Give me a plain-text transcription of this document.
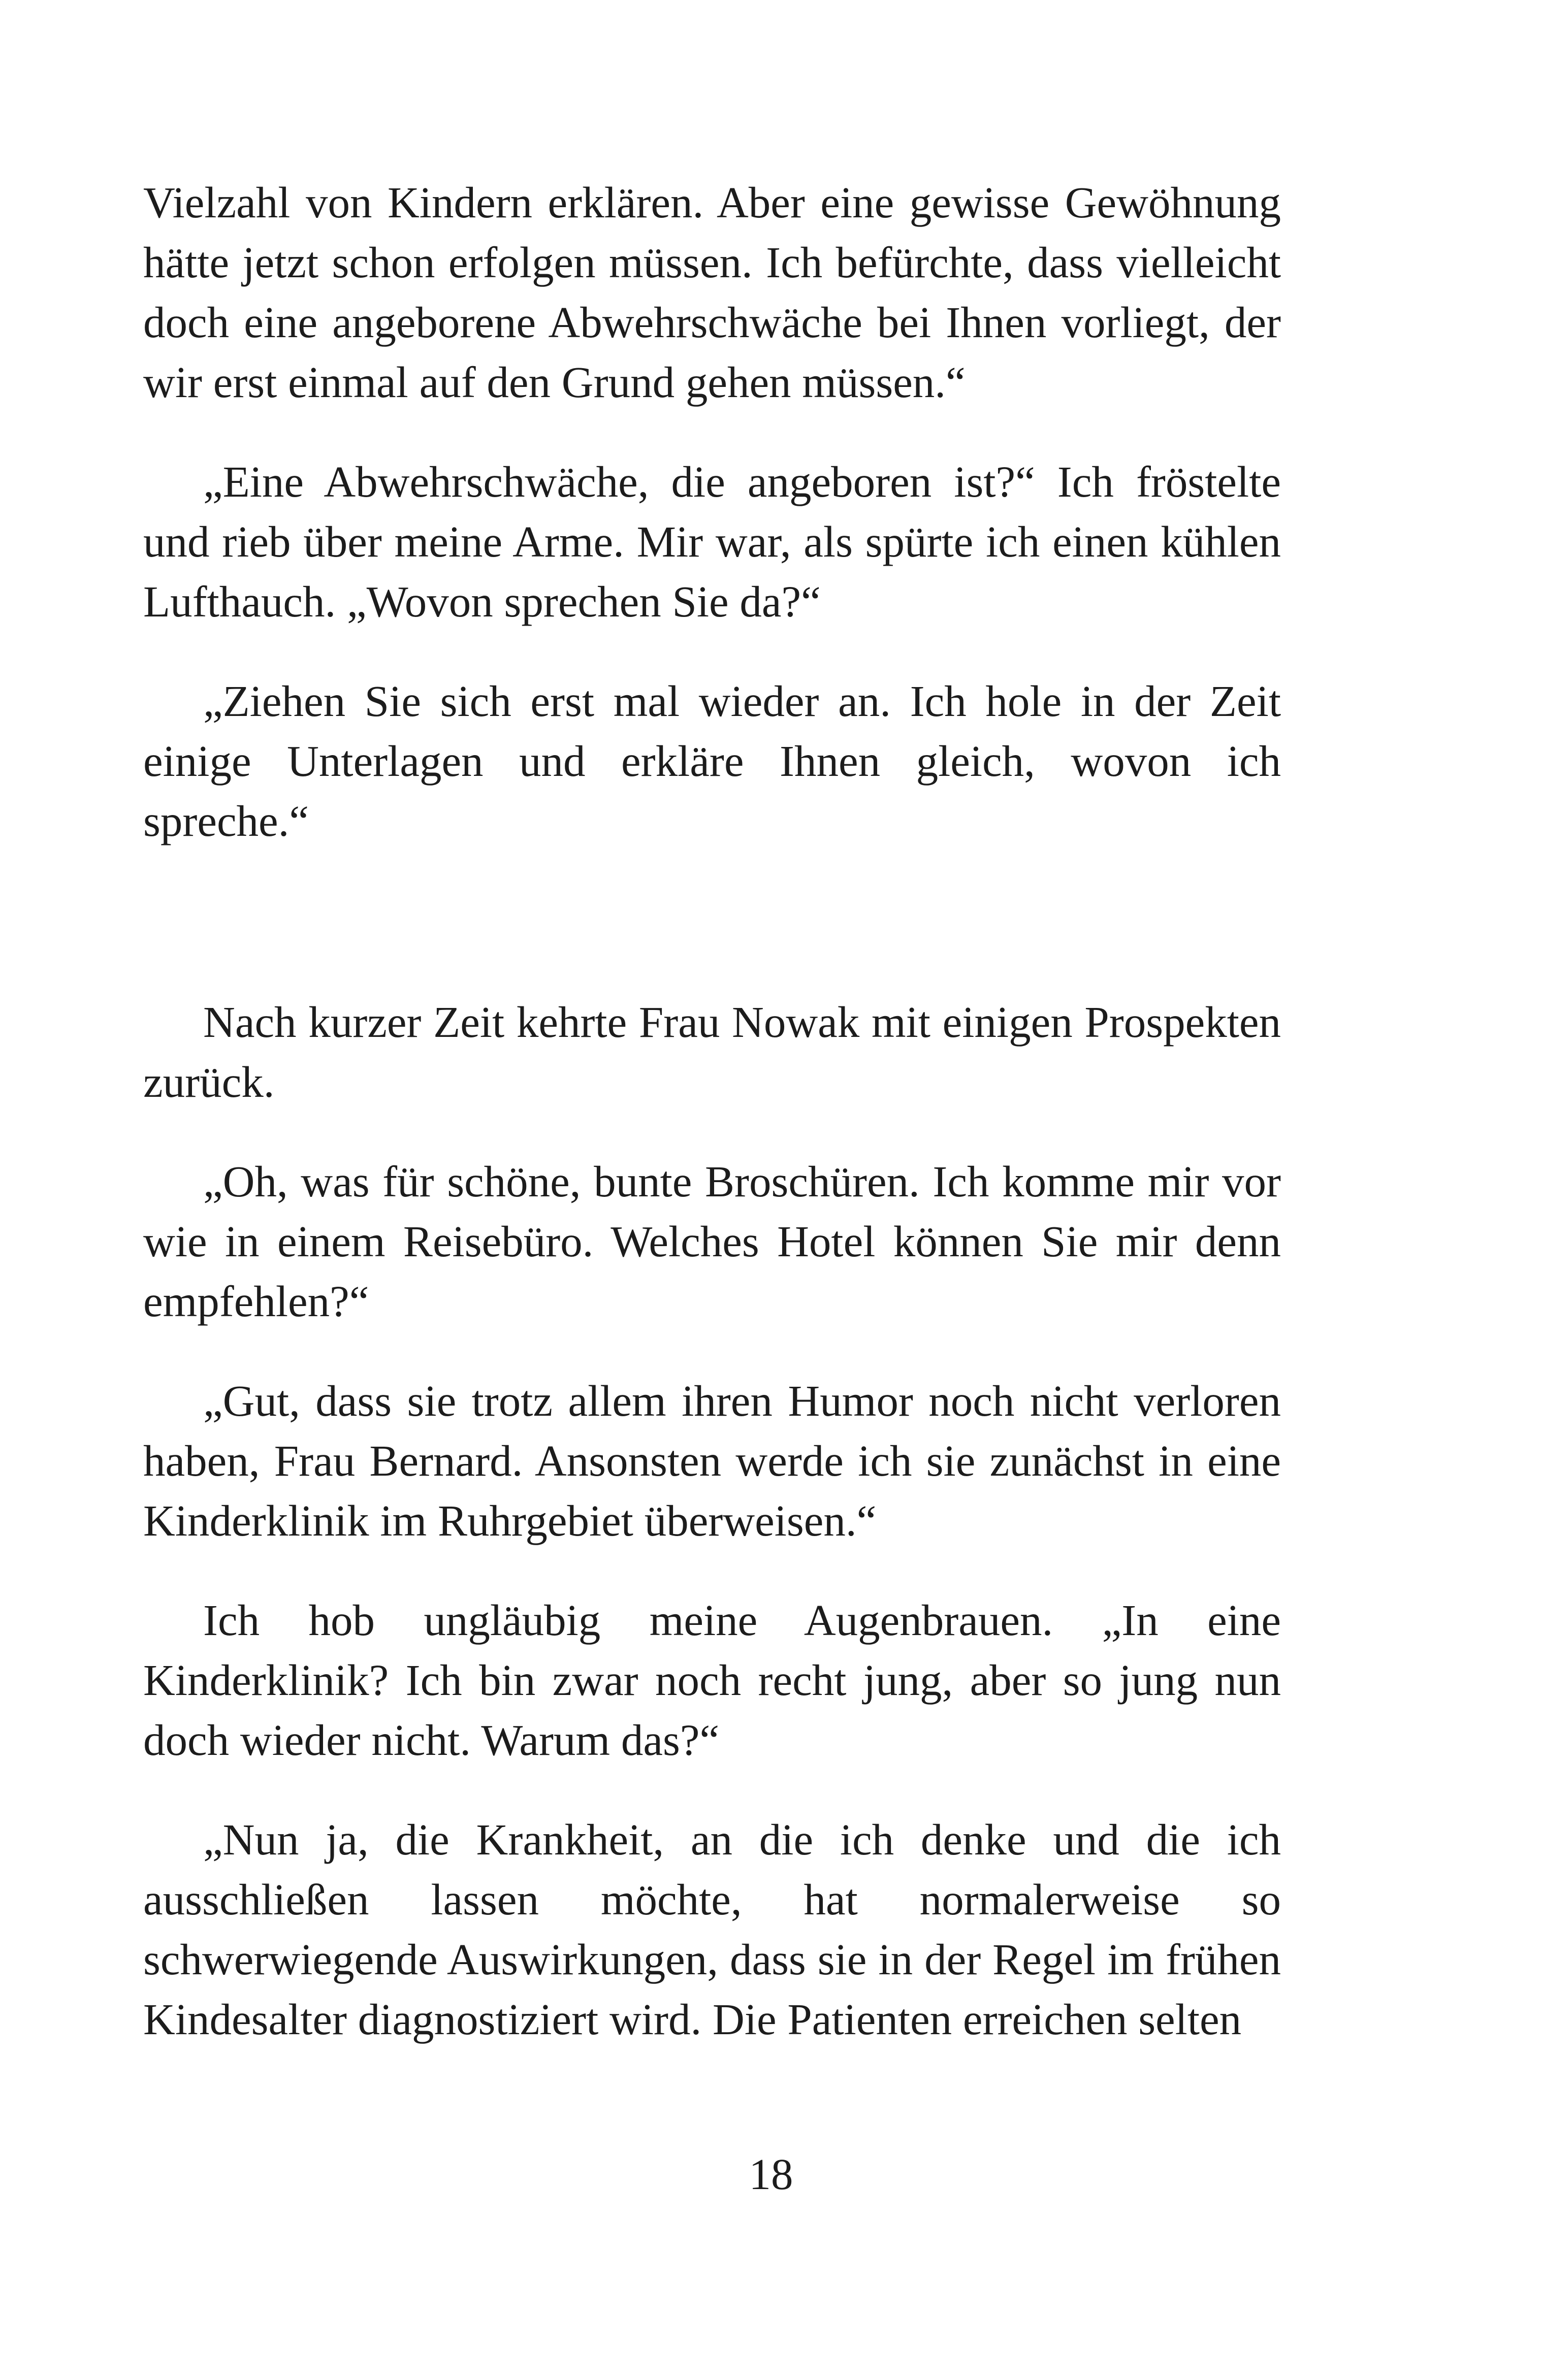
Vielzahl von Kindern erklären. Aber eine gewisse Gewöhnung hätte jetzt schon erfolgen müssen. Ich befürchte, dass vielleicht doch eine angeborene Abwehrschwäche bei Ihnen vorliegt, der wir erst einmal auf den Grund gehen müssen.“

„Eine Abwehrschwäche, die angeboren ist?“ Ich fröstelte und rieb über meine Arme. Mir war, als spürte ich einen kühlen Lufthauch. „Wovon sprechen Sie da?“

„Ziehen Sie sich erst mal wieder an. Ich hole in der Zeit einige Unterlagen und erkläre Ihnen gleich, wovon ich spreche.“

Nach kurzer Zeit kehrte Frau Nowak mit einigen Prospekten zurück.

„Oh, was für schöne, bunte Broschüren. Ich komme mir vor wie in einem Reisebüro. Welches Hotel können Sie mir denn empfehlen?“

„Gut, dass sie trotz allem ihren Humor noch nicht verloren haben, Frau Bernard. Ansonsten werde ich sie zunächst in eine Kinderklinik im Ruhrgebiet überweisen.“

Ich hob ungläubig meine Augenbrauen. „In eine Kinderklinik? Ich bin zwar noch recht jung, aber so jung nun doch wieder nicht. Warum das?“

„Nun ja, die Krankheit, an die ich denke und die ich ausschließen lassen möchte, hat normalerweise so schwerwiegende Auswirkungen, dass sie in der Regel im frühen Kindesalter diagnostiziert wird. Die Patienten erreichen selten

18
